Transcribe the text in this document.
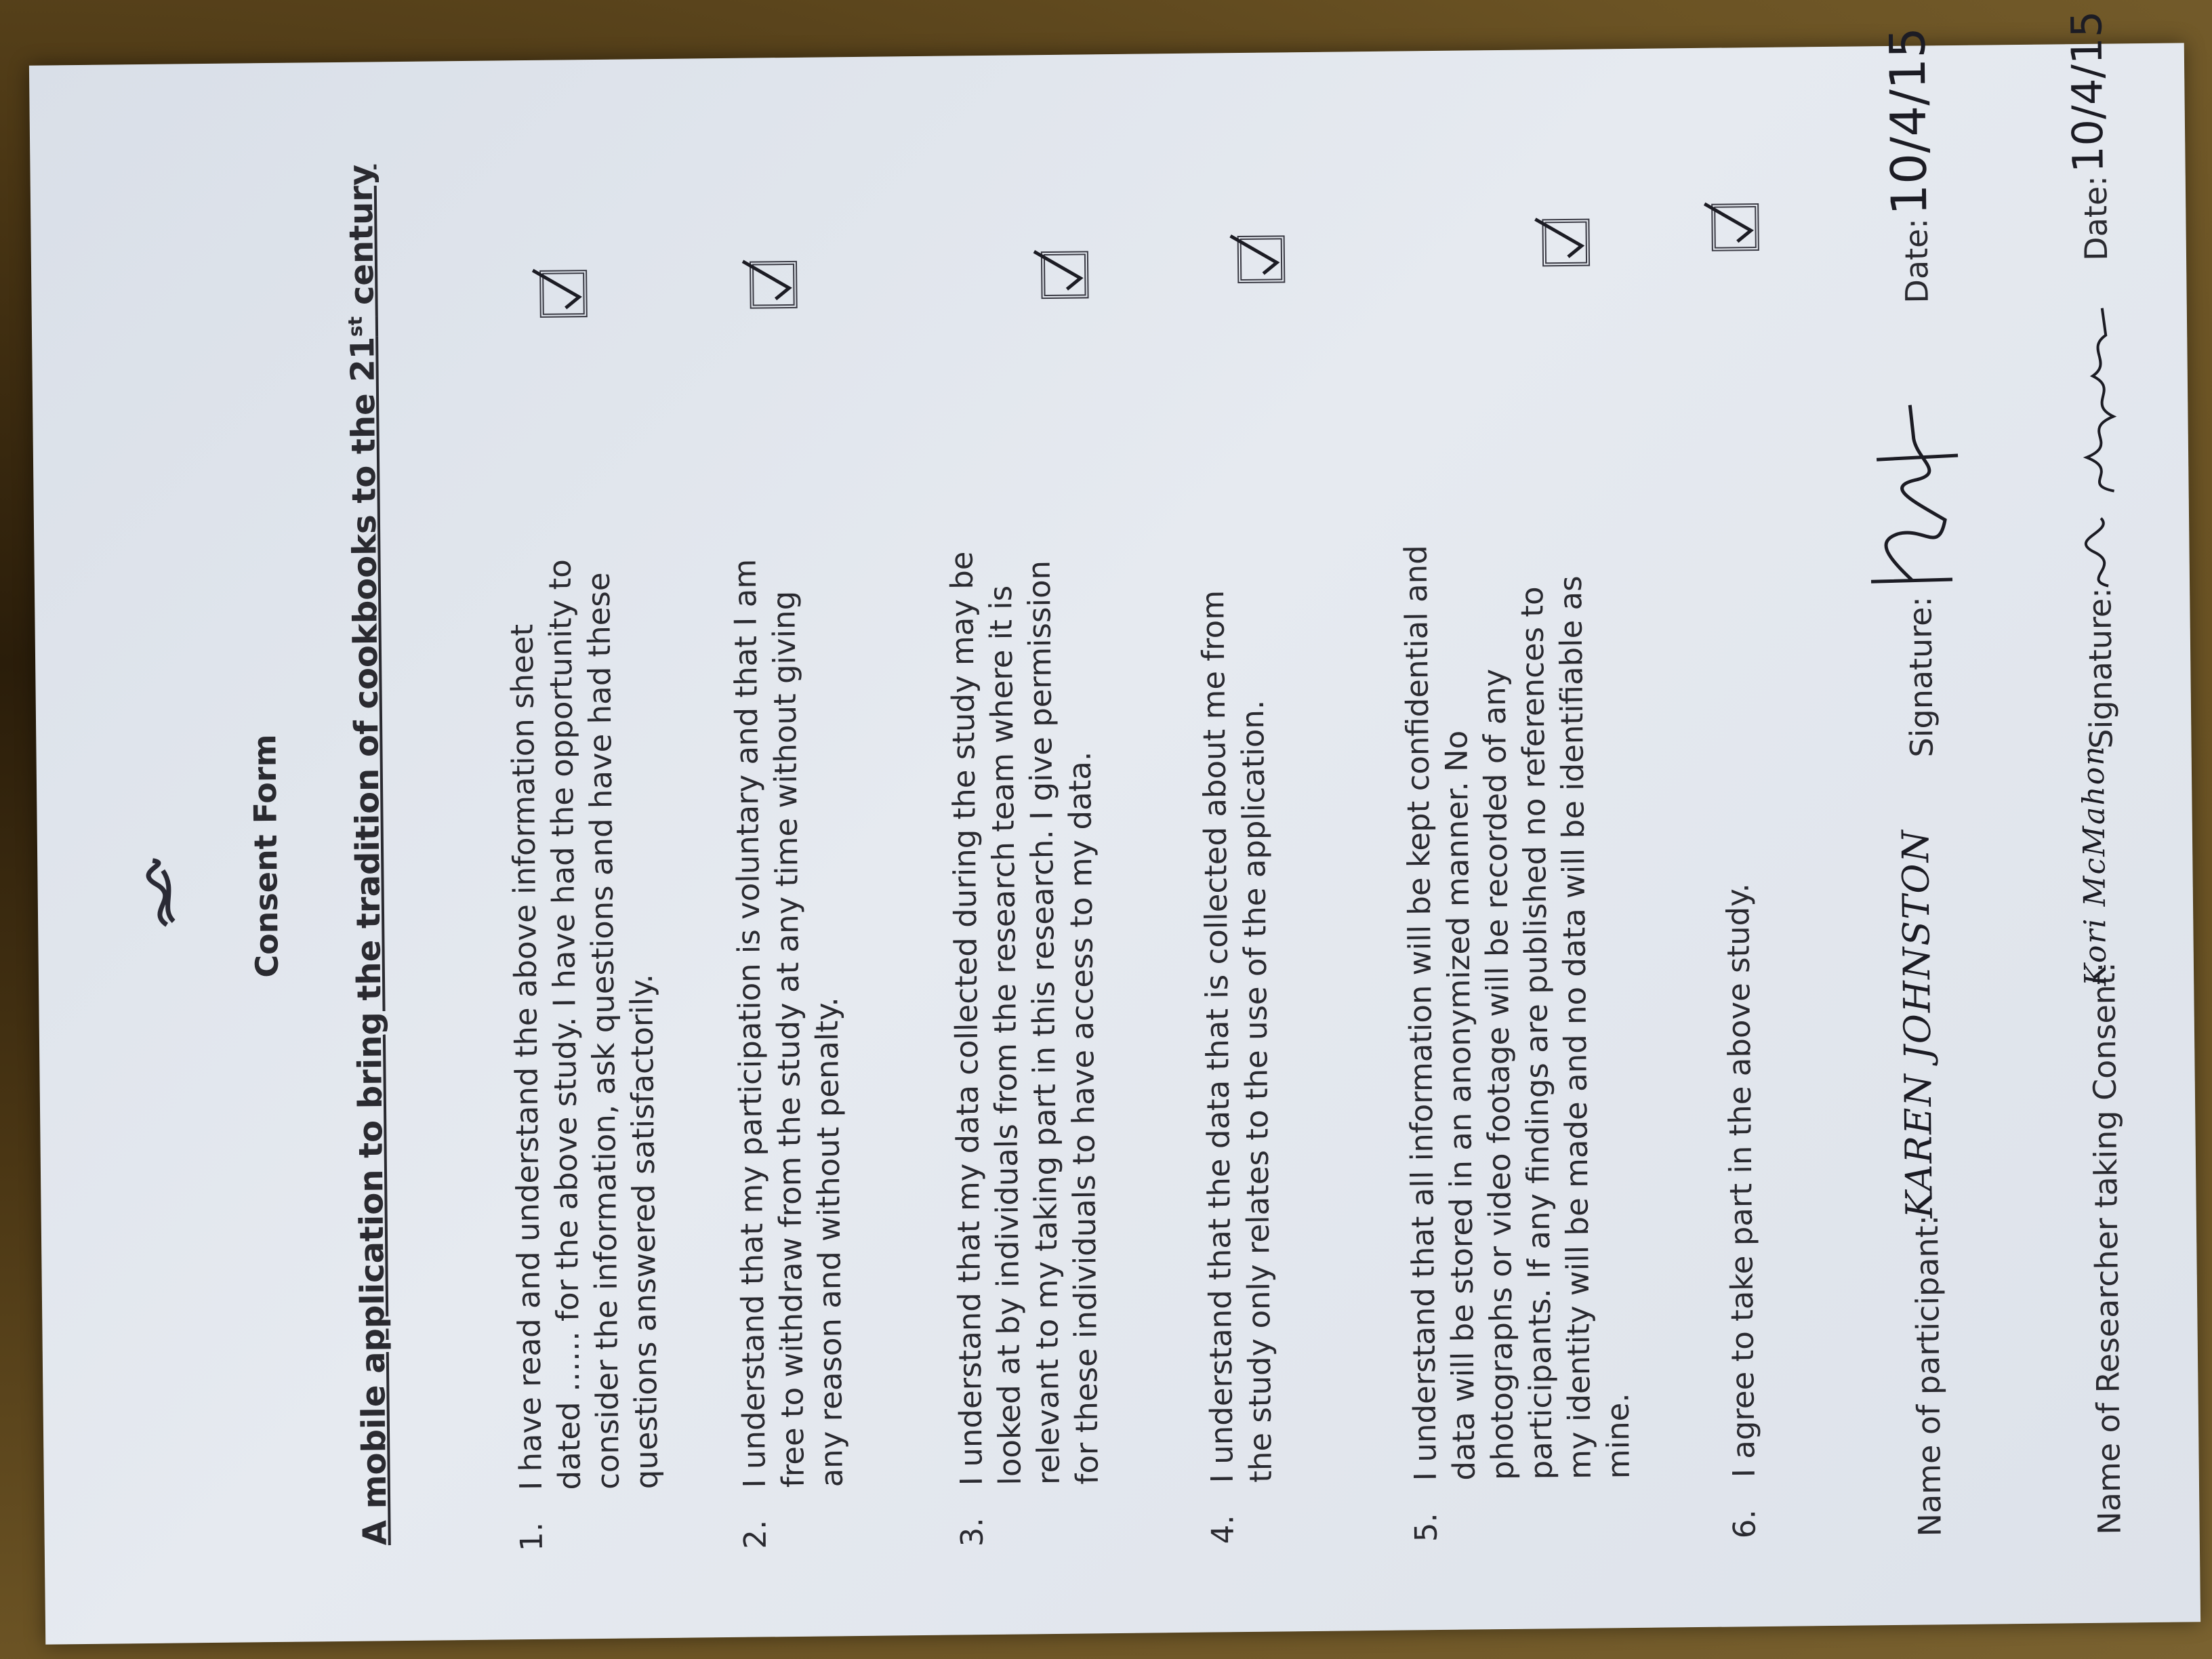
Consent Form A mobile application to bring the tradition of cookbooks to the 21st century
1.
I have read and understand the above information sheet dated …… for the above study. I have had the opportunity to consider the information, ask questions and have had these questions answered satisfactorily.
2.
I understand that my participation is voluntary and that I am free to withdraw from the study at any time without giving any reason and without penalty.
3.
I understand that my data collected during the study may be looked at by individuals from the research team where it is relevant to my taking part in this research. I give permission for these individuals to have access to my data.
4.
I understand that the data that is collected about me from the study only relates to the use of the application.
5.
I understand that all information will be kept confidential and data will be stored in an anonymized manner. No photographs or video footage will be recorded of any participants. If any findings are published no references to my identity will be made and no data will be identifiable as mine.
6.
I agree to take part in the above study.	Name of participant:
KAREN JOHNSTON
Signature:
Date:
10/4/15
Name of Researcher taking Consent:
Kori McMahon
Signature:
Date:
10/4/15
